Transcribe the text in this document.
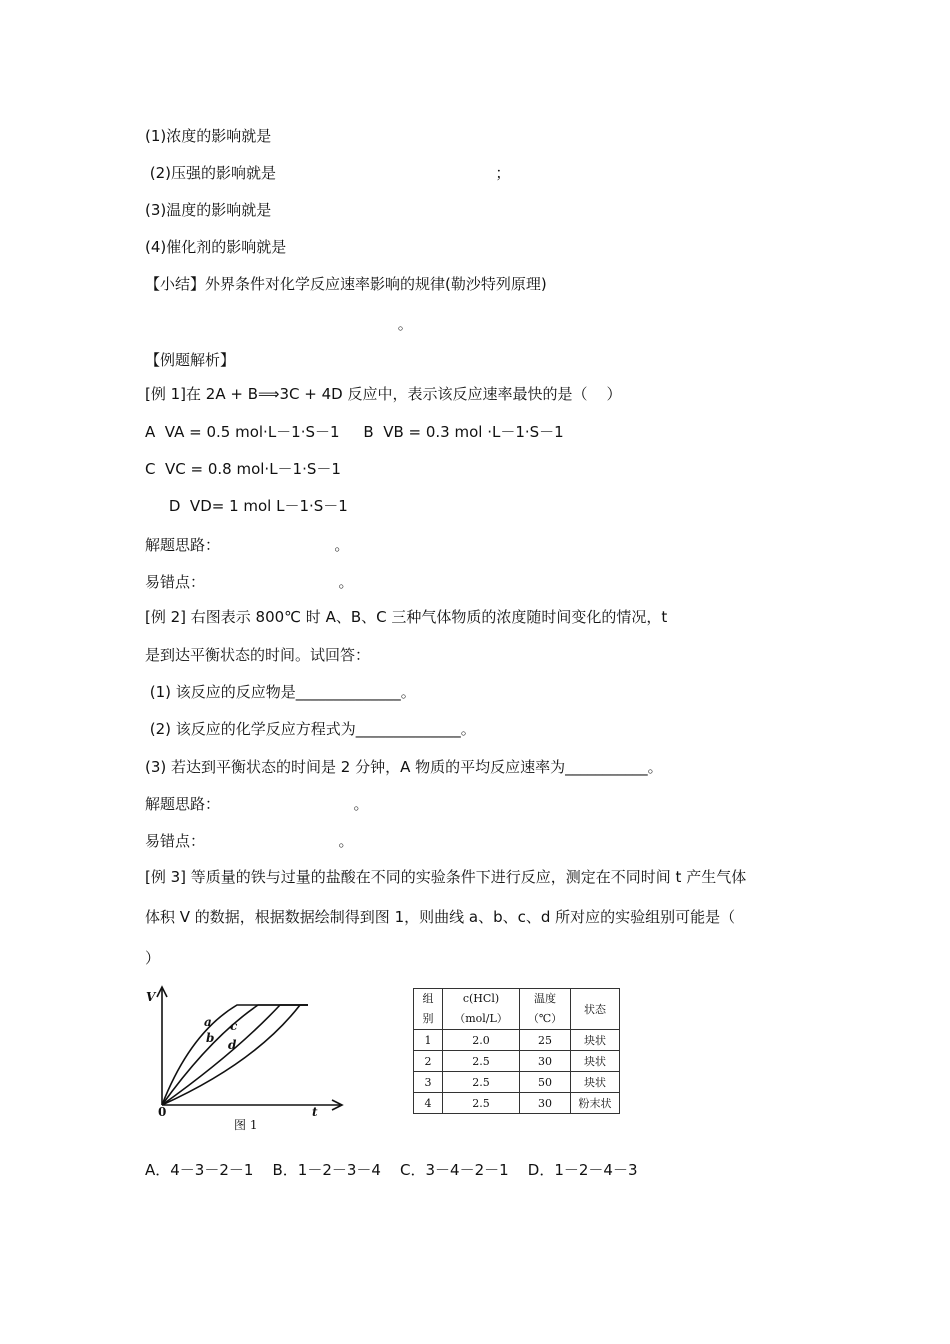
(1)浓度的影响就是
(2)压强的影响就是                                              ；
(3)温度的影响就是
(4)催化剂的影响就是
【小结】外界条件对化学反应速率影响的规律(勒沙特列原理)
。
【例题解析】
[例 1]在 2A + B⟹3C + 4D 反应中，表示该反应速率最快的是（    ）
A  VA = 0.5 mol·L－1·S－1     B  VB = 0.3 mol ·L－1·S－1
C  VC = 0.8 mol·L－1·S－1
D  VD= 1 mol L－1·S－1
解题思路：                        。
易错点：                            。
[例 2] 右图表示 800℃ 时 A、B、C 三种气体物质的浓度随时间变化的情况，t
是到达平衡状态的时间。试回答：
(1) 该反应的反应物是______________。
(2) 该反应的化学反应方程式为______________。
(3) 若达到平衡状态的时间是 2 分钟，A 物质的平均反应速率为___________。
解题思路：                            。
易错点：                            。
[例 3] 等质量的铁与过量的盐酸在不同的实验条件下进行反应，测定在不同时间 t 产生气体
体积 V 的数据，根据数据绘制得到图 1，则曲线 a、b、c、d 所对应的实验组别可能是（
）
V
t
0
a
b
c
d
图 1
组
别	c(HCl)
（mol/L）	温度
（℃）	状态
1	2.0	25	块状
2	2.5	30	块状
3	2.5	50	块状
4	2.5	30	粉末状
A．4－3－2－1    B．1－2－3－4    C．3－4－2－1    D．1－2－4－3
